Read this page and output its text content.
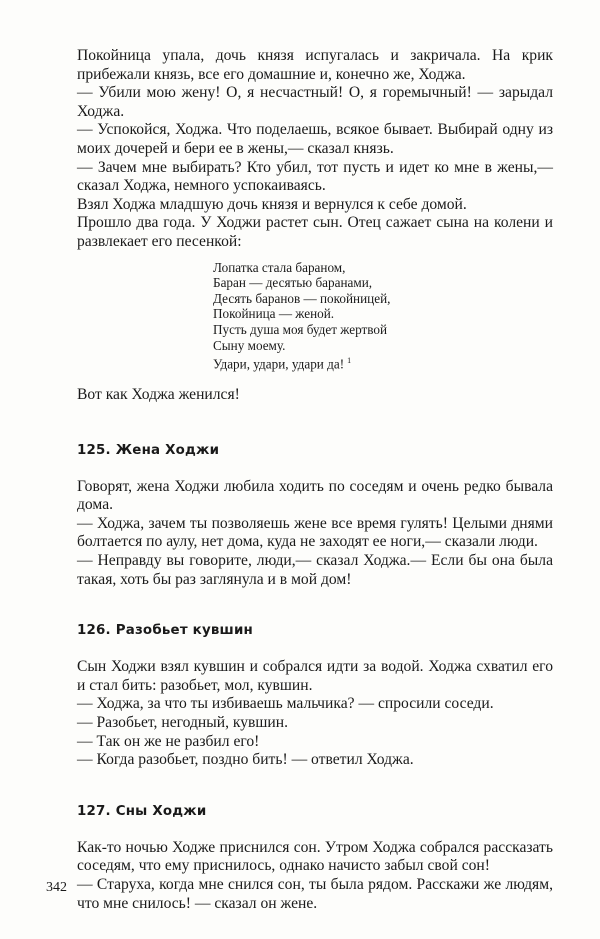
Покойница упала, дочь князя испугалась и закричала. На крик прибежали князь, все его домашние и, конечно же, Ходжа.

— Убили мою жену! О, я несчастный! О, я горемычный! — зарыдал Ходжа.

— Успокойся, Ходжа. Что поделаешь, всякое бывает. Выбирай одну из моих дочерей и бери ее в жены,— сказал князь.

— Зачем мне выбирать? Кто убил, тот пусть и идет ко мне в жены,— сказал Ходжа, немного успокаиваясь.

Взял Ходжа младшую дочь князя и вернулся к себе домой.

Прошло два года. У Ходжи растет сын. Отец сажает сына на колени и развлекает его песенкой:

Лопатка стала бараном,
Баран — десятью баранами,
Десять баранов — покойницей,
Покойница — женой.
Пусть душа моя будет жертвой
Сыну моему.
Удари, удари, удари да! $^1$

Вот как Ходжа женился!

125. Жена Ходжи

Говорят, жена Ходжи любила ходить по соседям и очень редко бывала дома.

— Ходжа, зачем ты позволяешь жене все время гулять! Целыми днями болтается по аулу, нет дома, куда не заходят ее ноги,— сказали люди.

— Неправду вы говорите, люди,— сказал Ходжа.— Если бы она была такая, хоть бы раз заглянула и в мой дом!

126. Разобьет кувшин

Сын Ходжи взял кувшин и собрался идти за водой. Ходжа схватил его и стал бить: разобьет, мол, кувшин.

— Ходжа, за что ты избиваешь мальчика? — спросили соседи.

— Разобьет, негодный, кувшин.

— Так он же не разбил его!

— Когда разобьет, поздно бить! — ответил Ходжа.

127. Сны Ходжи

Как-то ночью Ходже приснился сон. Утром Ходжа собрался рассказать соседям, что ему приснилось, однако начисто забыл свой сон!

— Старуха, когда мне снился сон, ты была рядом. Расскажи же людям, что мне снилось! — сказал он жене.

342
